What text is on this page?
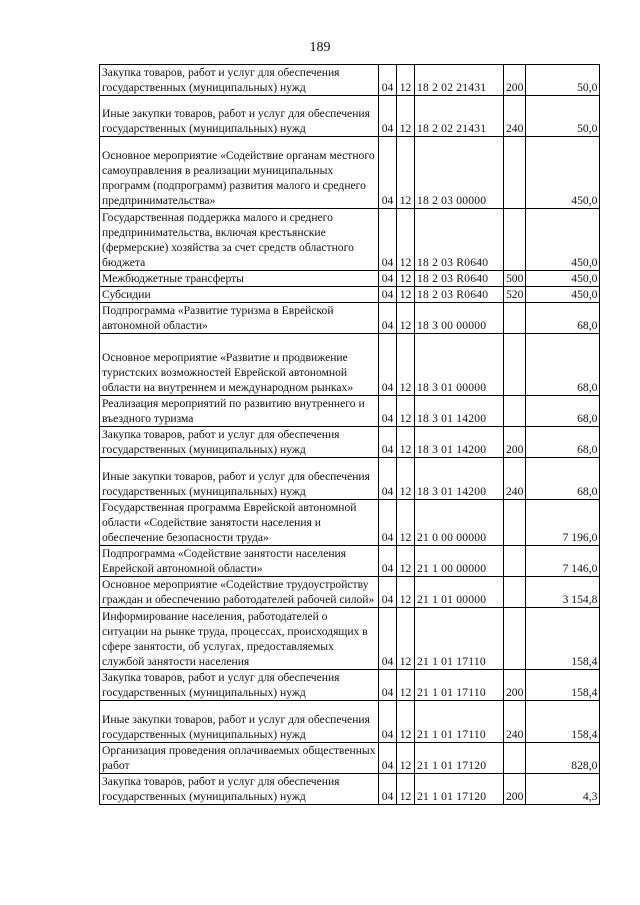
189
Закупка товаров, работ и услуг для обеспечения государственных (муниципальных) нужд	04	12	18 2 02 21431	200	50,0

Иные закупки товаров, работ и услуг для обеспечения государственных (муниципальных) нужд	04	12	18 2 02 21431	240	50,0

Основное мероприятие «Содействие органам местного самоуправления в реализации муниципальных программ (подпрограмм) развития малого и среднего предпринимательства»	04	12	18 2 03 00000		450,0

Государственная поддержка малого и среднего предпринимательства, включая крестьянские (фермерские) хозяйства за счет средств областного бюджета	04	12	18 2 03 R0640		450,0

Межбюджетные трансферты	04	12	18 2 03 R0640	500	450,0

Субсидии	04	12	18 2 03 R0640	520	450,0

Подпрограмма «Развитие туризма в Еврейской автономной области»	04	12	18 3 00 00000		68,0

Основное мероприятие «Развитие и продвижение туристских возможностей Еврейской автономной области на внутреннем и международном рынках»	04	12	18 3 01 00000		68,0

Реализация мероприятий по развитию внутреннего и въездного туризма	04	12	18 3 01 14200		68,0

Закупка товаров, работ и услуг для обеспечения государственных (муниципальных) нужд	04	12	18 3 01 14200	200	68,0

Иные закупки товаров, работ и услуг для обеспечения государственных (муниципальных) нужд	04	12	18 3 01 14200	240	68,0

Государственная программа Еврейской автономной области «Содействие занятости населения и обеспечение безопасности труда»	04	12	21 0 00 00000		7 196,0

Подпрограмма «Содействие занятости населения Еврейской автономной области»	04	12	21 1 00 00000		7 146,0

Основное мероприятие «Содействие трудоустройству граждан и обеспечению работодателей рабочей силой»	04	12	21 1 01 00000		3 154,8

Информирование населения, работодателей о ситуации на рынке труда, процессах, происходящих в сфере занятости, об услугах, предоставляемых службой занятости населения	04	12	21 1 01 17110		158,4

Закупка товаров, работ и услуг для обеспечения государственных (муниципальных) нужд	04	12	21 1 01 17110	200	158,4

Иные закупки товаров, работ и услуг для обеспечения государственных (муниципальных) нужд	04	12	21 1 01 17110	240	158,4

Организация проведения оплачиваемых общественных работ	04	12	21 1 01 17120		828,0

Закупка товаров, работ и услуг для обеспечения государственных (муниципальных) нужд	04	12	21 1 01 17120	200	4,3
